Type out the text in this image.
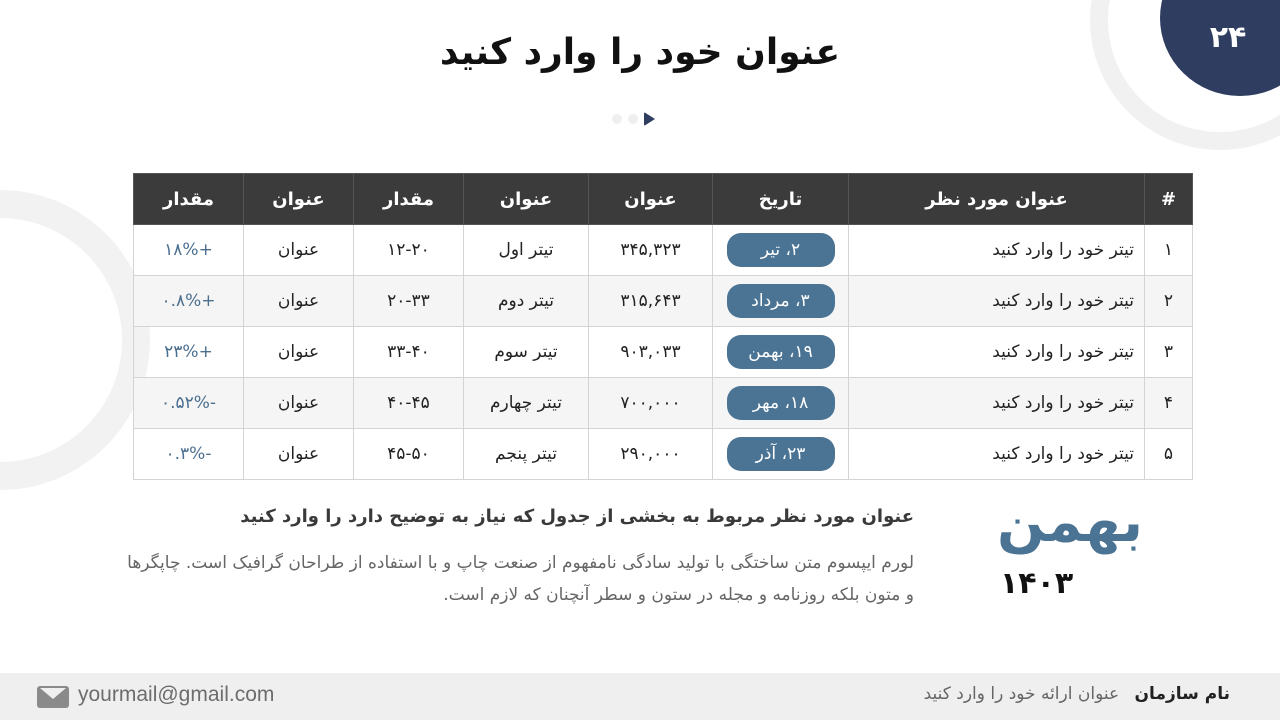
۲۴
عنوان خود را وارد کنید
#	عنوان مورد نظر	تاریخ	عنوان	عنوان	مقدار	عنوان	مقدار
۱	تیتر خود را وارد کنید	۲، تیر	۳۴۵,۳۲۳	تیتر اول	۱۲-۲۰	عنوان	+۱۸%
۲	تیتر خود را وارد کنید	۳، مرداد	۳۱۵,۶۴۳	تیتر دوم	۲۰-۳۳	عنوان	+۰.۸%
۳	تیتر خود را وارد کنید	۱۹، بهمن	۹۰۳,۰۳۳	تیتر سوم	۳۳-۴۰	عنوان	+۲۳%
۴	تیتر خود را وارد کنید	۱۸، مهر	۷۰۰,۰۰۰	تیتر چهارم	۴۰-۴۵	عنوان	-۰.۵۲%
۵	تیتر خود را وارد کنید	۲۳، آذر	۲۹۰,۰۰۰	تیتر پنجم	۴۵-۵۰	عنوان	-۰.۳%
عنوان مورد نظر مربوط به بخشی از جدول که نیاز به توضیح دارد را وارد کنید
لورم ایپسوم متن ساختگی با تولید سادگی نامفهوم از صنعت چاپ و با استفاده از طراحان گرافیک است. چاپگرها و متون بلکه روزنامه و مجله در ستون و سطر آنچنان که لازم است.
بهمن
۱۴۰۳
yourmail@gmail.com	نام سازمان عنوان ارائه خود را وارد کنید
